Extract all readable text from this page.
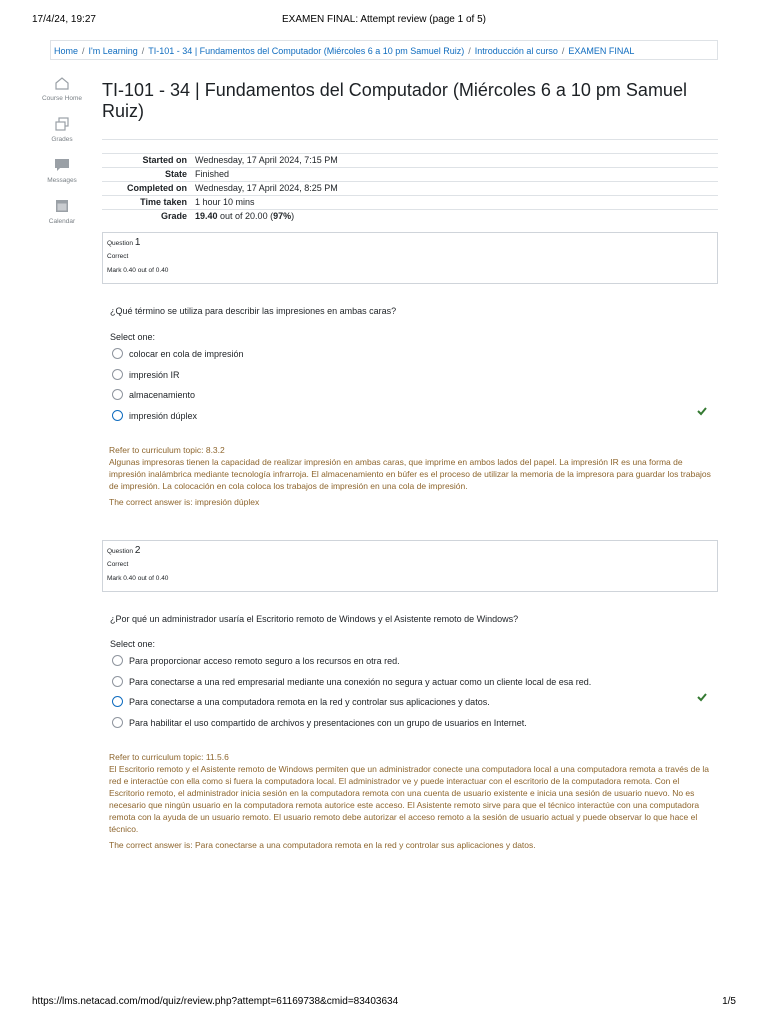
17/4/24, 19:27	EXAMEN FINAL: Attempt review (page 1 of 5)
Home / I'm Learning / TI-101 - 34 | Fundamentos del Computador (Miércoles 6 a 10 pm Samuel Ruiz) / Introducción al curso / EXAMEN FINAL
Course Home
Grades
Messages
Calendar
TI-101 - 34 | Fundamentos del Computador (Miércoles 6 a 10 pm Samuel Ruiz)
Started on	Wednesday, 17 April 2024, 7:15 PM
State	Finished
Completed on	Wednesday, 17 April 2024, 8:25 PM
Time taken	1 hour 10 mins
Grade	19.40 out of 20.00 (97%)
Question 1
Correct
Mark 0.40 out of 0.40
¿Qué término se utiliza para describir las impresiones en ambas caras?
Select one:
colocar en cola de impresión
impresión IR
almacenamiento
impresión dúplex

Refer to curriculum topic: 8.3.2

Algunas impresoras tienen la capacidad de realizar impresión en ambas caras, que imprime en ambos lados del papel. La impresión IR es una forma de impresión inalámbrica mediante tecnología infrarroja. El almacenamiento en búfer es el proceso de utilizar la memoria de la impresora para guardar los trabajos de impresión. La colocación en cola coloca los trabajos de impresión en una cola de impresión.

The correct answer is: impresión dúplex
Question 2
Correct
Mark 0.40 out of 0.40
¿Por qué un administrador usaría el Escritorio remoto de Windows y el Asistente remoto de Windows?
Select one:
Para proporcionar acceso remoto seguro a los recursos en otra red.
Para conectarse a una red empresarial mediante una conexión no segura y actuar como un cliente local de esa red.
Para conectarse a una computadora remota en la red y controlar sus aplicaciones y datos.
Para habilitar el uso compartido de archivos y presentaciones con un grupo de usuarios en Internet.

Refer to curriculum topic: 11.5.6

El Escritorio remoto y el Asistente remoto de Windows permiten que un administrador conecte una computadora local a una computadora remota a través de la red e interactúe con ella como si fuera la computadora local. El administrador ve y puede interactuar con el escritorio de la computadora remota. Con el Escritorio remoto, el administrador inicia sesión en la computadora remota con una cuenta de usuario existente e inicia una sesión de usuario nuevo. No es necesario que ningún usuario en la computadora remota autorice este acceso. El Asistente remoto sirve para que el técnico interactúe con una computadora remota con la ayuda de un usuario remoto. El usuario remoto debe autorizar el acceso remoto a la sesión de usuario actual y puede observar lo que hace el técnico.

The correct answer is: Para conectarse a una computadora remota en la red y controlar sus aplicaciones y datos.
https://lms.netacad.com/mod/quiz/review.php?attempt=61169738&cmid=83403634	1/5
